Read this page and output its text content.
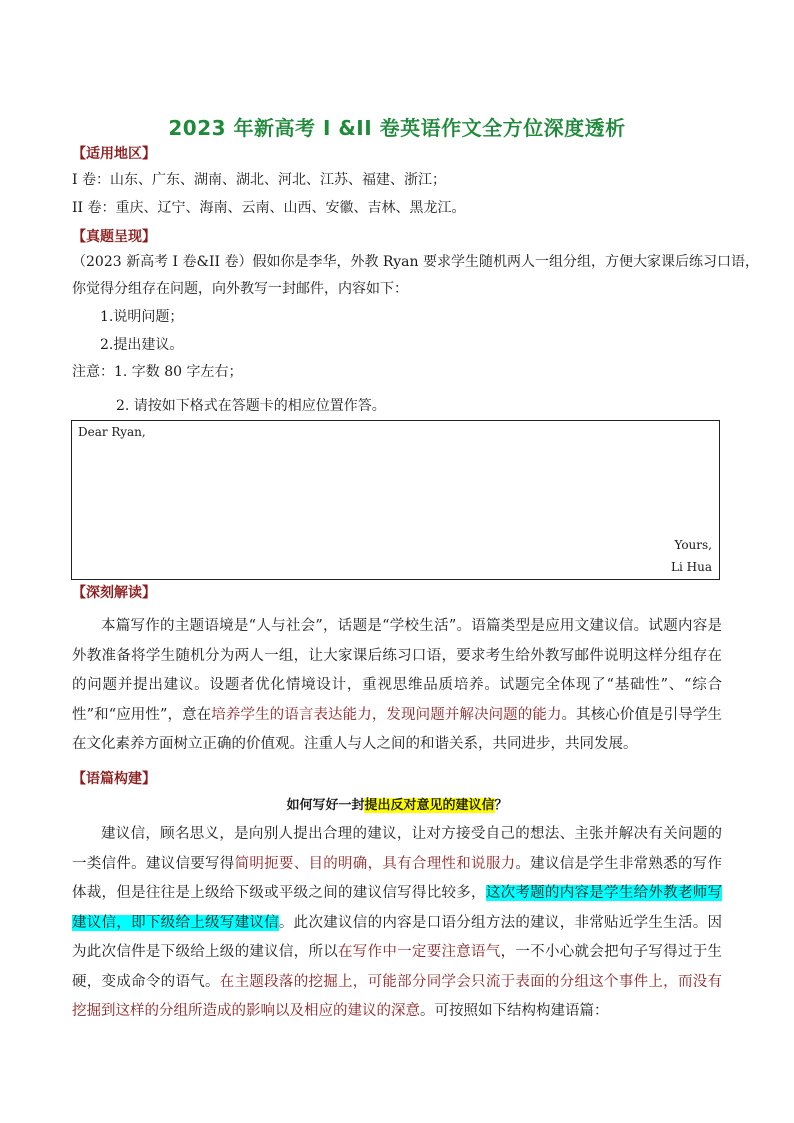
2023 年新高考 I &II 卷英语作文全方位深度透析
【适用地区】
I 卷：山东、广东、湖南、湖北、河北、江苏、福建、浙江；
II 卷：重庆、辽宁、海南、云南、山西、安徽、吉林、黑龙江。
【真题呈现】
（2023 新高考 I 卷&II 卷）假如你是李华，外教 Ryan 要求学生随机两人一组分组，方便大家课后练习口语，
你觉得分组存在问题，向外教写一封邮件，内容如下：
1.说明问题；
2.提出建议。
注意：1. 字数 80 字左右；
2. 请按如下格式在答题卡的相应位置作答。
Dear Ryan,
Yours,
Li Hua
【深刻解读】
本篇写作的主题语境是“人与社会”，话题是“学校生活”。语篇类型是应用文建议信。试题内容是外教准备将学生随机分为两人一组，让大家课后练习口语，要求考生给外教写邮件说明这样分组存在的问题并提出建议。设题者优化情境设计，重视思维品质培养。试题完全体现了“基础性”、“综合性”和“应用性”，意在培养学生的语言表达能力，发现问题并解决问题的能力。其核心价值是引导学生在文化素养方面树立正确的价值观。注重人与人之间的和谐关系，共同进步，共同发展。
【语篇构建】
如何写好一封提出反对意见的建议信？
建议信，顾名思义，是向别人提出合理的建议，让对方接受自己的想法、主张并解决有关问题的一类信件。建议信要写得简明扼要、目的明确，具有合理性和说服力。建议信是学生非常熟悉的写作体裁，但是往往是上级给下级或平级之间的建议信写得比较多，这次考题的内容是学生给外教老师写建议信，即下级给上级写建议信。此次建议信的内容是口语分组方法的建议，非常贴近学生生活。因为此次信件是下级给上级的建议信，所以在写作中一定要注意语气，一不小心就会把句子写得过于生硬，变成命令的语气。在主题段落的挖掘上，可能部分同学会只流于表面的分组这个事件上，而没有挖掘到这样的分组所造成的影响以及相应的建议的深意。可按照如下结构构建语篇：
